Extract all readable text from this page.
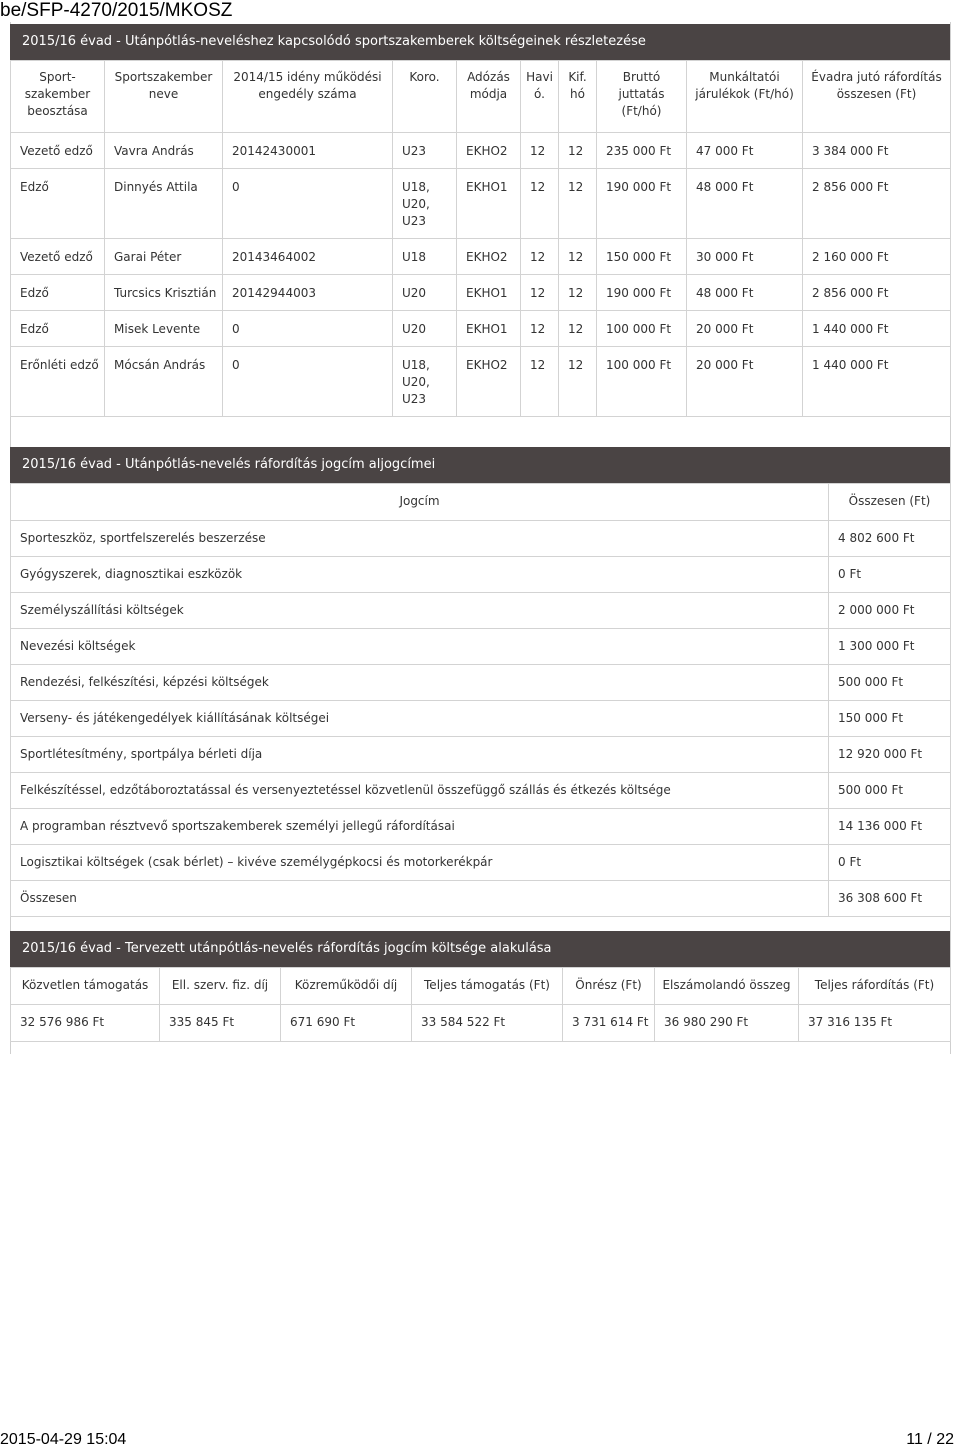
be/SFP-4270/2015/MKOSZ
2015/16 évad - Utánpótlás-neveléshez kapcsolódó sportszakemberek költségeinek részletezése
Sport-szakember beosztása	Sportszakember neve	2014/15 idény működési engedély száma	Koro.	Adózás módja	Havi ó.	Kif. hó	Bruttó juttatás (Ft/hó)	Munkáltatói járulékok (Ft/hó)	Évadra jutó ráfordítás összesen (Ft)
Vezető edző	Vavra András	20142430001	U23	EKHO2	12	12	235 000 Ft	47 000 Ft	3 384 000 Ft
Edző	Dinnyés Attila	0	U18, U20, U23	EKHO1	12	12	190 000 Ft	48 000 Ft	2 856 000 Ft
Vezető edző	Garai Péter	20143464002	U18	EKHO2	12	12	150 000 Ft	30 000 Ft	2 160 000 Ft
Edző	Turcsics Krisztián	20142944003	U20	EKHO1	12	12	190 000 Ft	48 000 Ft	2 856 000 Ft
Edző	Misek Levente	0	U20	EKHO1	12	12	100 000 Ft	20 000 Ft	1 440 000 Ft
Erőnléti edző	Mócsán András	0	U18, U20, U23	EKHO2	12	12	100 000 Ft	20 000 Ft	1 440 000 Ft
2015/16 évad - Utánpótlás-nevelés ráfordítás jogcím aljogcímei
Jogcím	Összesen (Ft)
Sporteszköz, sportfelszerelés beszerzése	4 802 600 Ft
Gyógyszerek, diagnosztikai eszközök	0 Ft
Személyszállítási költségek	2 000 000 Ft
Nevezési költségek	1 300 000 Ft
Rendezési, felkészítési, képzési költségek	500 000 Ft
Verseny- és játékengedélyek kiállításának költségei	150 000 Ft
Sportlétesítmény, sportpálya bérleti díja	12 920 000 Ft
Felkészítéssel, edzőtáboroztatással és versenyeztetéssel közvetlenül összefüggő szállás és étkezés költsége	500 000 Ft
A programban résztvevő sportszakemberek személyi jellegű ráfordításai	14 136 000 Ft
Logisztikai költségek (csak bérlet) – kivéve személygépkocsi és motorkerékpár	0 Ft
Összesen	36 308 600 Ft
2015/16 évad - Tervezett utánpótlás-nevelés ráfordítás jogcím költsége alakulása
Közvetlen támogatás	Ell. szerv. fiz. díj	Közreműködői díj	Teljes támogatás (Ft)	Önrész (Ft)	Elszámolandó összeg	Teljes ráfordítás (Ft)
32 576 986 Ft	335 845 Ft	671 690 Ft	33 584 522 Ft	3 731 614 Ft	36 980 290 Ft	37 316 135 Ft
2015-04-29 15:04	11 / 22
